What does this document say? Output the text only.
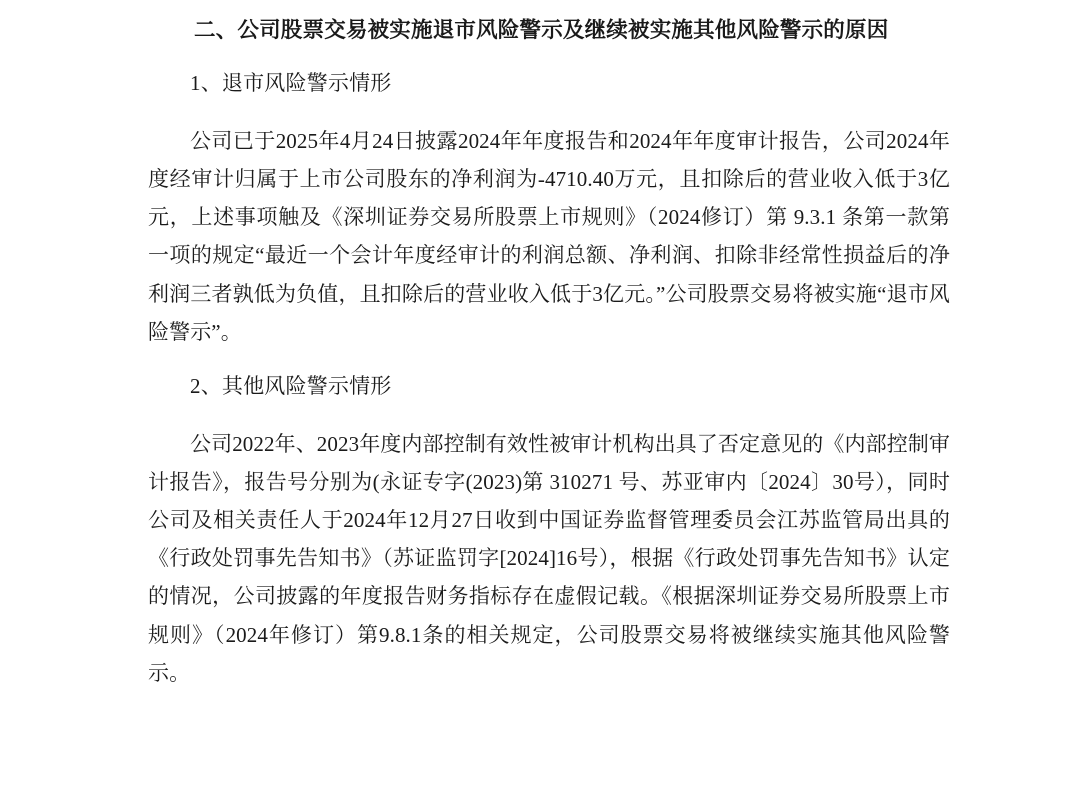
二、公司股票交易被实施退市风险警示及继续被实施其他风险警示的原因
1、退市风险警示情形
公司已于2025年4月24日披露2024年年度报告和2024年年度审计报告，公司2024年度经审计归属于上市公司股东的净利润为-4710.40万元，且扣除后的营业收入低于3亿元，上述事项触及《深圳证券交易所股票上市规则》（2024修订）第 9.3.1 条第一款第一项的规定“最近一个会计年度经审计的利润总额、净利润、扣除非经常性损益后的净利润三者孰低为负值，且扣除后的营业收入低于3亿元。”公司股票交易将被实施“退市风险警示”。
2、其他风险警示情形
公司2022年、2023年度内部控制有效性被审计机构出具了否定意见的《内部控制审计报告》，报告号分别为(永证专字(2023)第 310271 号、苏亚审内〔2024〕30号），同时公司及相关责任人于2024年12月27日收到中国证券监督管理委员会江苏监管局出具的《行政处罚事先告知书》（苏证监罚字[2024]16号），根据《行政处罚事先告知书》认定的情况，公司披露的年度报告财务指标存在虚假记载。《根据深圳证券交易所股票上市规则》（2024年修订）第9.8.1条的相关规定，公司股票交易将被继续实施其他风险警示。
